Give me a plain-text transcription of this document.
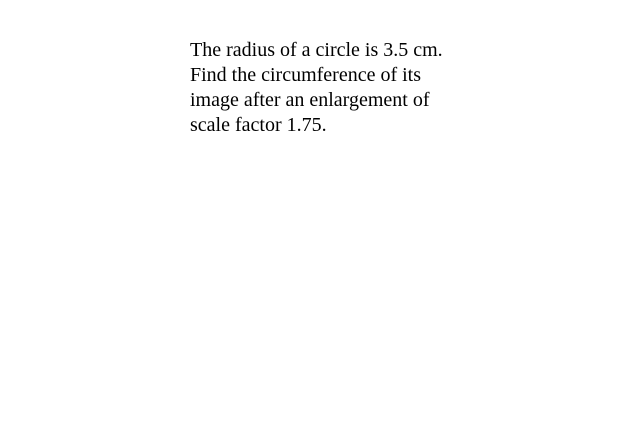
The radius of a circle is 3.5 cm.
Find the circumference of its
image after an enlargement of
scale factor 1.75.
